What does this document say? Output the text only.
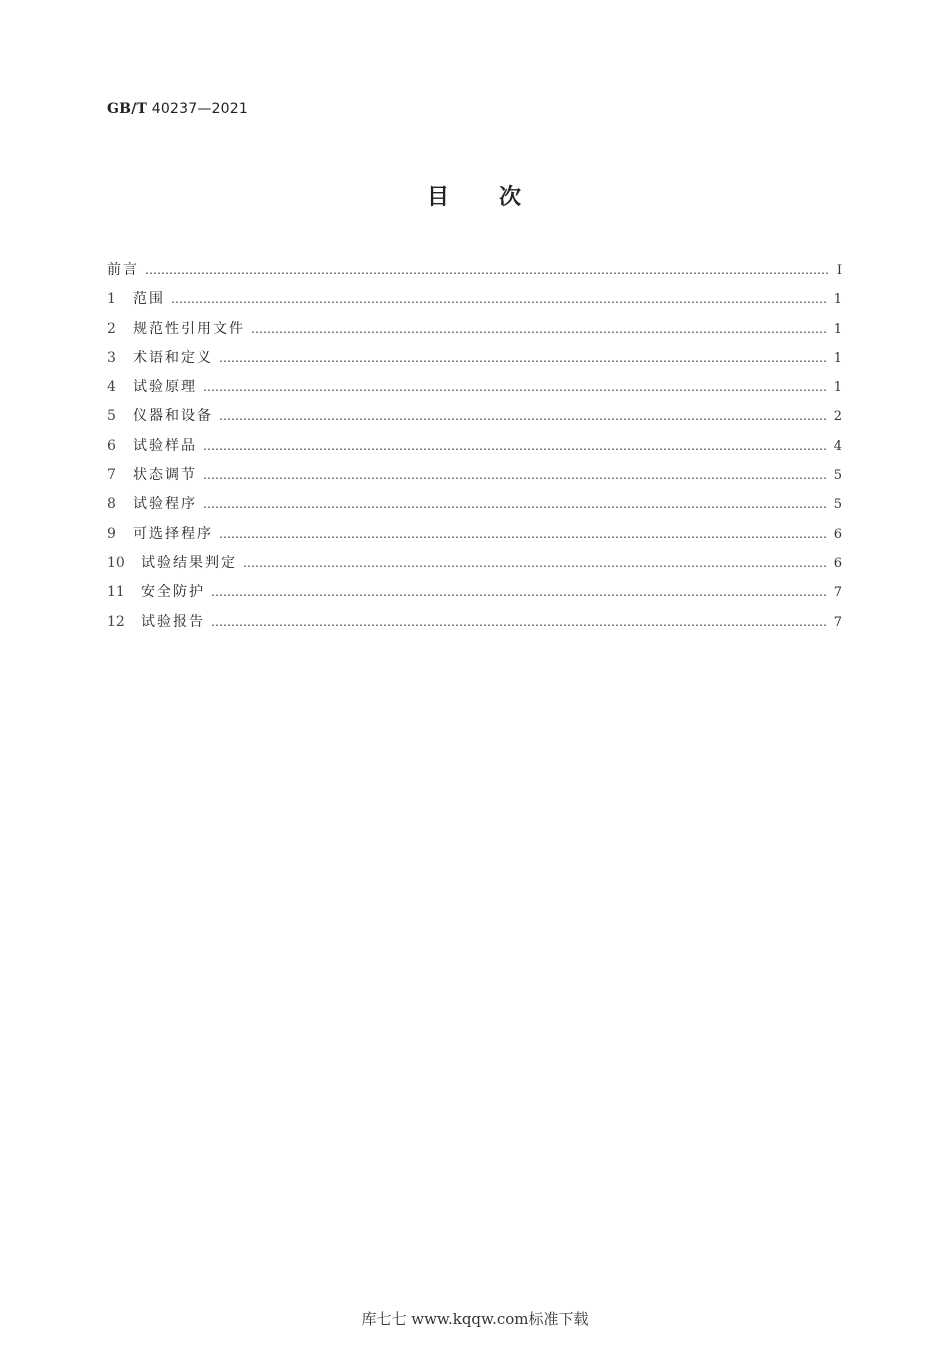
GB/T 40237—2021
目 次
前言 …………………………………………………………………………………………………………………………………………………………………………………………	Ⅰ
1	范围 …………………………………………………………………………………………………………………………………………………………………………………………	1
2	规范性引用文件 …………………………………………………………………………………………………………………………………………………………………………………………	1
3	术语和定义 …………………………………………………………………………………………………………………………………………………………………………………………	1
4	试验原理 …………………………………………………………………………………………………………………………………………………………………………………………	1
5	仪器和设备 …………………………………………………………………………………………………………………………………………………………………………………………	2
6	试验样品 …………………………………………………………………………………………………………………………………………………………………………………………	4
7	状态调节 …………………………………………………………………………………………………………………………………………………………………………………………	5
8	试验程序 …………………………………………………………………………………………………………………………………………………………………………………………	5
9	可选择程序 …………………………………………………………………………………………………………………………………………………………………………………………	6
10	试验结果判定 …………………………………………………………………………………………………………………………………………………………………………………………	6
11	安全防护 …………………………………………………………………………………………………………………………………………………………………………………………	7
12	试验报告 …………………………………………………………………………………………………………………………………………………………………………………………	7
库七七 www.kqqw.com标准下载
